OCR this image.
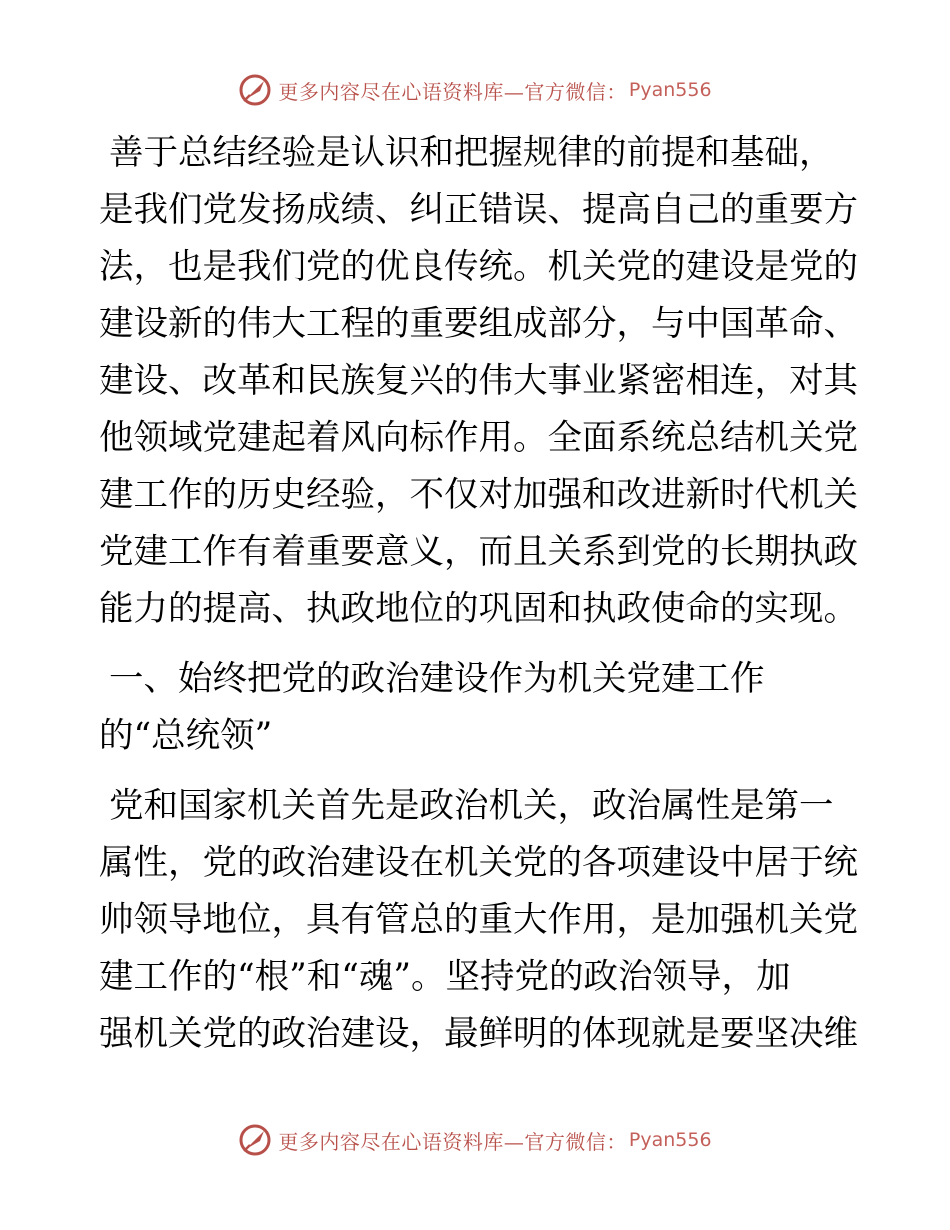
更多内容尽在心语资料库—官方微信： Pyan556
善于总结经验是认识和把握规律的前提和基础，
是我们党发扬成绩、纠正错误、提高自己的重要方
法，也是我们党的优良传统。机关党的建设是党的
建设新的伟大工程的重要组成部分，与中国革命、
建设、改革和民族复兴的伟大事业紧密相连，对其
他领域党建起着风向标作用。全面系统总结机关党
建工作的历史经验，不仅对加强和改进新时代机关
党建工作有着重要意义，而且关系到党的长期执政
能力的提高、执政地位的巩固和执政使命的实现。
一、始终把党的政治建设作为机关党建工作
的“总统领”
党和国家机关首先是政治机关，政治属性是第一
属性，党的政治建设在机关党的各项建设中居于统
帅领导地位，具有管总的重大作用，是加强机关党
建工作的“根”和“魂”。坚持党的政治领导，加
强机关党的政治建设，最鲜明的体现就是要坚决维
更多内容尽在心语资料库—官方微信： Pyan556
